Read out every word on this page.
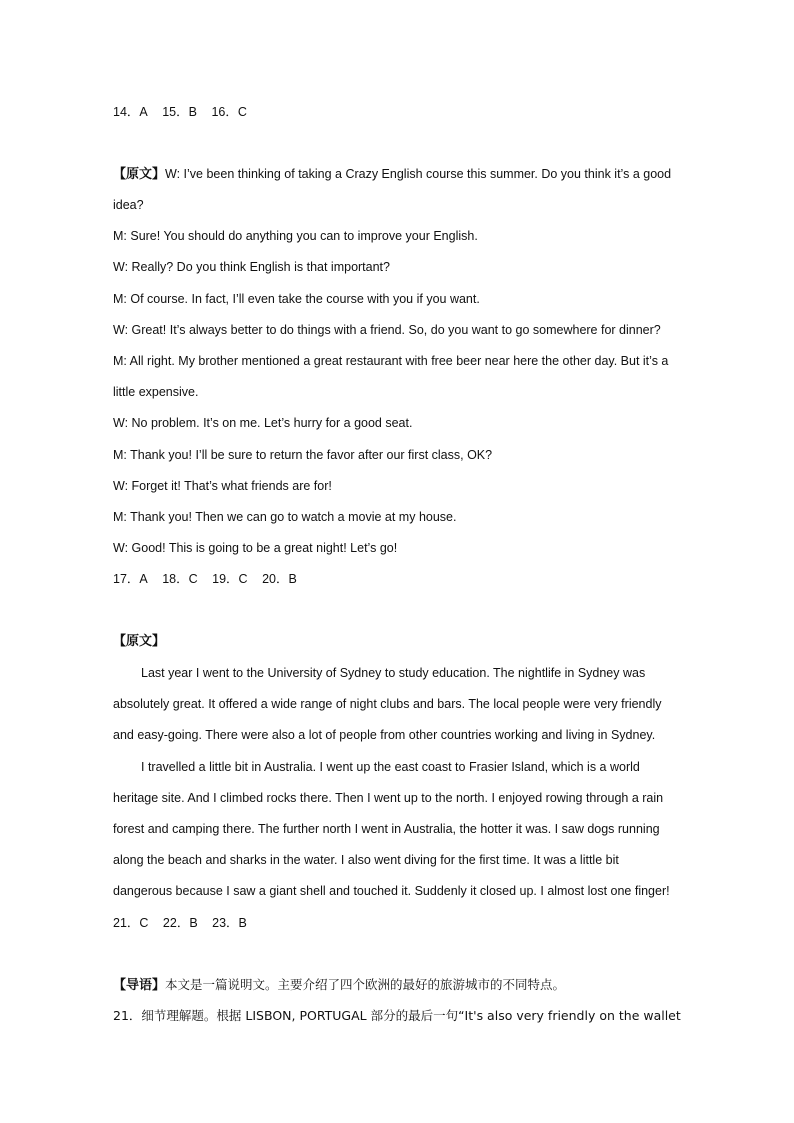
14．A 15．B 16．C
【原文】W: I’ve been thinking of taking a Crazy English course this summer. Do you think it’s a good
idea?
M: Sure! You should do anything you can to improve your English.
W: Really? Do you think English is that important?
M: Of course. In fact, I’ll even take the course with you if you want.
W: Great! It’s always better to do things with a friend. So, do you want to go somewhere for dinner?
M: All right. My brother mentioned a great restaurant with free beer near here the other day. But it’s a
little expensive.
W: No problem. It’s on me. Let’s hurry for a good seat.
M: Thank you! I’ll be sure to return the favor after our first class, OK?
W: Forget it! That’s what friends are for!
M: Thank you! Then we can go to watch a movie at my house.
W: Good! This is going to be a great night! Let’s go!
17．A 18．C 19．C 20．B
【原文】
Last year I went to the University of Sydney to study education. The nightlife in Sydney was
absolutely great. It offered a wide range of night clubs and bars. The local people were very friendly
and easy-going. There were also a lot of people from other countries working and living in Sydney.
I travelled a little bit in Australia. I went up the east coast to Frasier Island, which is a world
heritage site. And I climbed rocks there. Then I went up to the north. I enjoyed rowing through a rain
forest and camping there. The further north I went in Australia, the hotter it was. I saw dogs running
along the beach and sharks in the water. I also went diving for the first time. It was a little bit
dangerous because I saw a giant shell and touched it. Suddenly it closed up. I almost lost one finger!
21．C 22．B 23．B
【导语】本文是一篇说明文。主要介绍了四个欧洲的最好的旅游城市的不同特点。
21．细节理解题。根据 LISBON, PORTUGAL 部分的最后一句“It's also very friendly on the wallet
